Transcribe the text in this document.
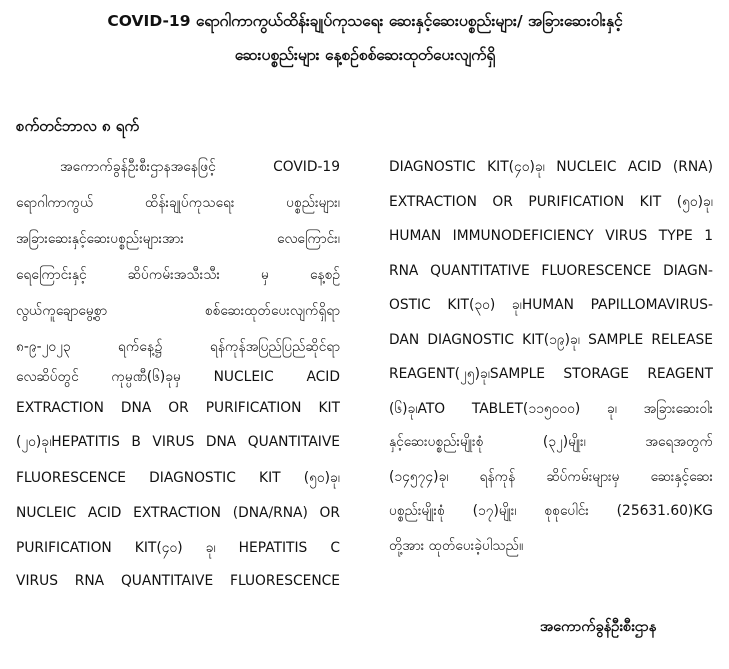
COVID-19 ရောဂါကာကွယ်ထိန်းချုပ်ကုသရေး ဆေးနှင့်ဆေးပစ္စည်းများ/ အခြားဆေးဝါးနှင့်
ဆေးပစ္စည်းများ နေ့စဉ်စစ်ဆေးထုတ်ပေးလျက်ရှိ
စက်တင်ဘာလ ၈ ရက်
အကောက်ခွန်ဦးစီးဌာနအနေဖြင့် COVID-19
ရောဂါကာကွယ် ထိန်းချုပ်ကုသရေး ပစ္စည်းများ၊
အခြားဆေးနှင့်ဆေးပစ္စည်းများအား လေကြောင်း၊
ရေကြောင်းနှင့် ဆိပ်ကမ်းအသီးသီး မှ နေ့စဉ်
လွယ်ကူချောမွေ့စွာ စစ်ဆေးထုတ်ပေးလျက်ရှိရာ
၈-၉-၂၀၂၃ ရက်နေ့၌ ရန်ကုန်အပြည်ပြည်ဆိုင်ရာ
လေဆိပ်တွင် ကုမ္ပဏီ(၆)ခုမှ NUCLEIC ACID
EXTRACTION DNA OR PURIFICATION KIT
(၂၀)ခု၊HEPATITIS B VIRUS DNA QUANTITAIVE
FLUORESCENCE DIAGNOSTIC KIT (၅၀)ခု၊
NUCLEIC ACID EXTRACTION (DNA/RNA) OR
PURIFICATION KIT(၄၀) ခု၊ HEPATITIS C
VIRUS RNA QUANTITAIVE FLUORESCENCE
DIAGNOSTIC KIT(၄၀)ခု၊ NUCLEIC ACID (RNA)
EXTRACTION OR PURIFICATION KIT (၅၀)ခု၊
HUMAN IMMUNODEFICIENCY VIRUS TYPE 1
RNA QUANTITATIVE FLUORESCENCE DIAGN-
OSTIC KIT(၃၀) ခု၊HUMAN PAPILLOMAVIRUS-
DAN DIAGNOSTIC KIT(၁၉)ခု၊ SAMPLE RELEASE
REAGENT(၂၅)ခု၊SAMPLE STORAGE REAGENT
(၆)ခု၊ATO TABLET(၁၁၅၀၀၀) ခု၊ အခြားဆေးဝါး
နှင့်ဆေးပစ္စည်းမျိုးစုံ (၃၂)မျိုး၊ အရေအတွက်
(၁၄၅၇၄)ခု၊ ရန်ကုန် ဆိပ်ကမ်းများမှ ဆေးနှင့်ဆေး
ပစ္စည်းမျိုးစုံ (၁၇)မျိုး၊ စုစုပေါင်း (25631.60)KG
တို့အား ထုတ်ပေးခဲ့ပါသည်။
အကောက်ခွန်ဦးစီးဌာန
